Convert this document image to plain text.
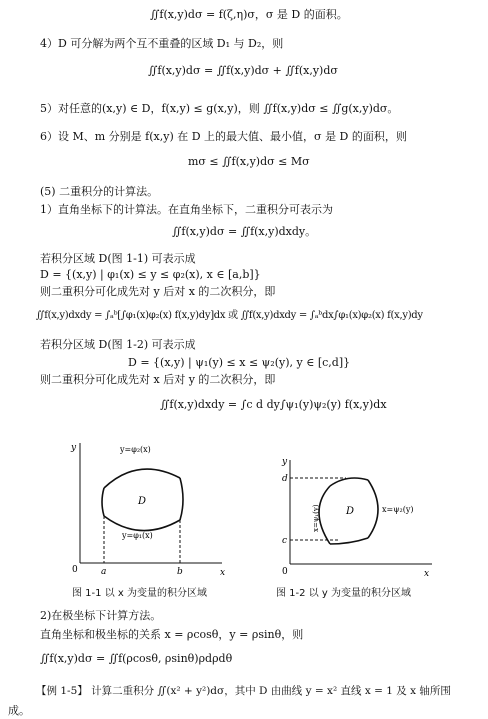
∬f(x,y)dσ = f(ζ,η)σ，σ 是 D 的面积。
4）D 可分解为两个互不重叠的区域 D₁ 与 D₂，则
∬f(x,y)dσ = ∬f(x,y)dσ + ∬f(x,y)dσ
5）对任意的(x,y) ∈ D，f(x,y) ≤ g(x,y)，则 ∬f(x,y)dσ ≤ ∬g(x,y)dσ。
6）设 M、m 分别是 f(x,y) 在 D 上的最大值、最小值，σ 是 D 的面积，则
mσ ≤ ∬f(x,y)dσ ≤ Mσ
(5) 二重积分的计算法。
1）直角坐标下的计算法。在直角坐标下，二重积分可表示为
∬f(x,y)dσ = ∬f(x,y)dxdy。
若积分区域 D(图 1-1) 可表示成
D = {(x,y) | φ₁(x) ≤ y ≤ φ₂(x), x ∈ [a,b]}
则二重积分可化成先对 y 后对 x 的二次积分，即
∬f(x,y)dxdy = ∫ₐᵇ[∫φ₁(x)φ₂(x) f(x,y)dy]dx 或 ∬f(x,y)dxdy = ∫ₐᵇdx∫φ₁(x)φ₂(x) f(x,y)dy
若积分区域 D(图 1-2) 可表示成
D = {(x,y) | ψ₁(y) ≤ x ≤ ψ₂(y), y ∈ [c,d]}
则二重积分可化成先对 x 后对 y 的二次积分，即
∬f(x,y)dxdy = ∫c d dy∫ψ₁(y)ψ₂(y) f(x,y)dx
y
x
0	a	b
y=φ₂(x)
y=φ₁(x)
D
图 1-1 以 x 为变量的积分区域
y
x
0
d
c
x=ψ₁(y)	x=ψ₂(y)
D
图 1-2 以 y 为变量的积分区域
2)在极坐标下计算方法。
直角坐标和极坐标的关系 x = ρcosθ，y = ρsinθ，则
∬f(x,y)dσ = ∬f(ρcosθ, ρsinθ)ρdρdθ
【例 1-5】 计算二重积分 ∬(x² + y²)dσ，其中 D 由曲线 y = x² 直线 x = 1 及 x 轴所围
成。
